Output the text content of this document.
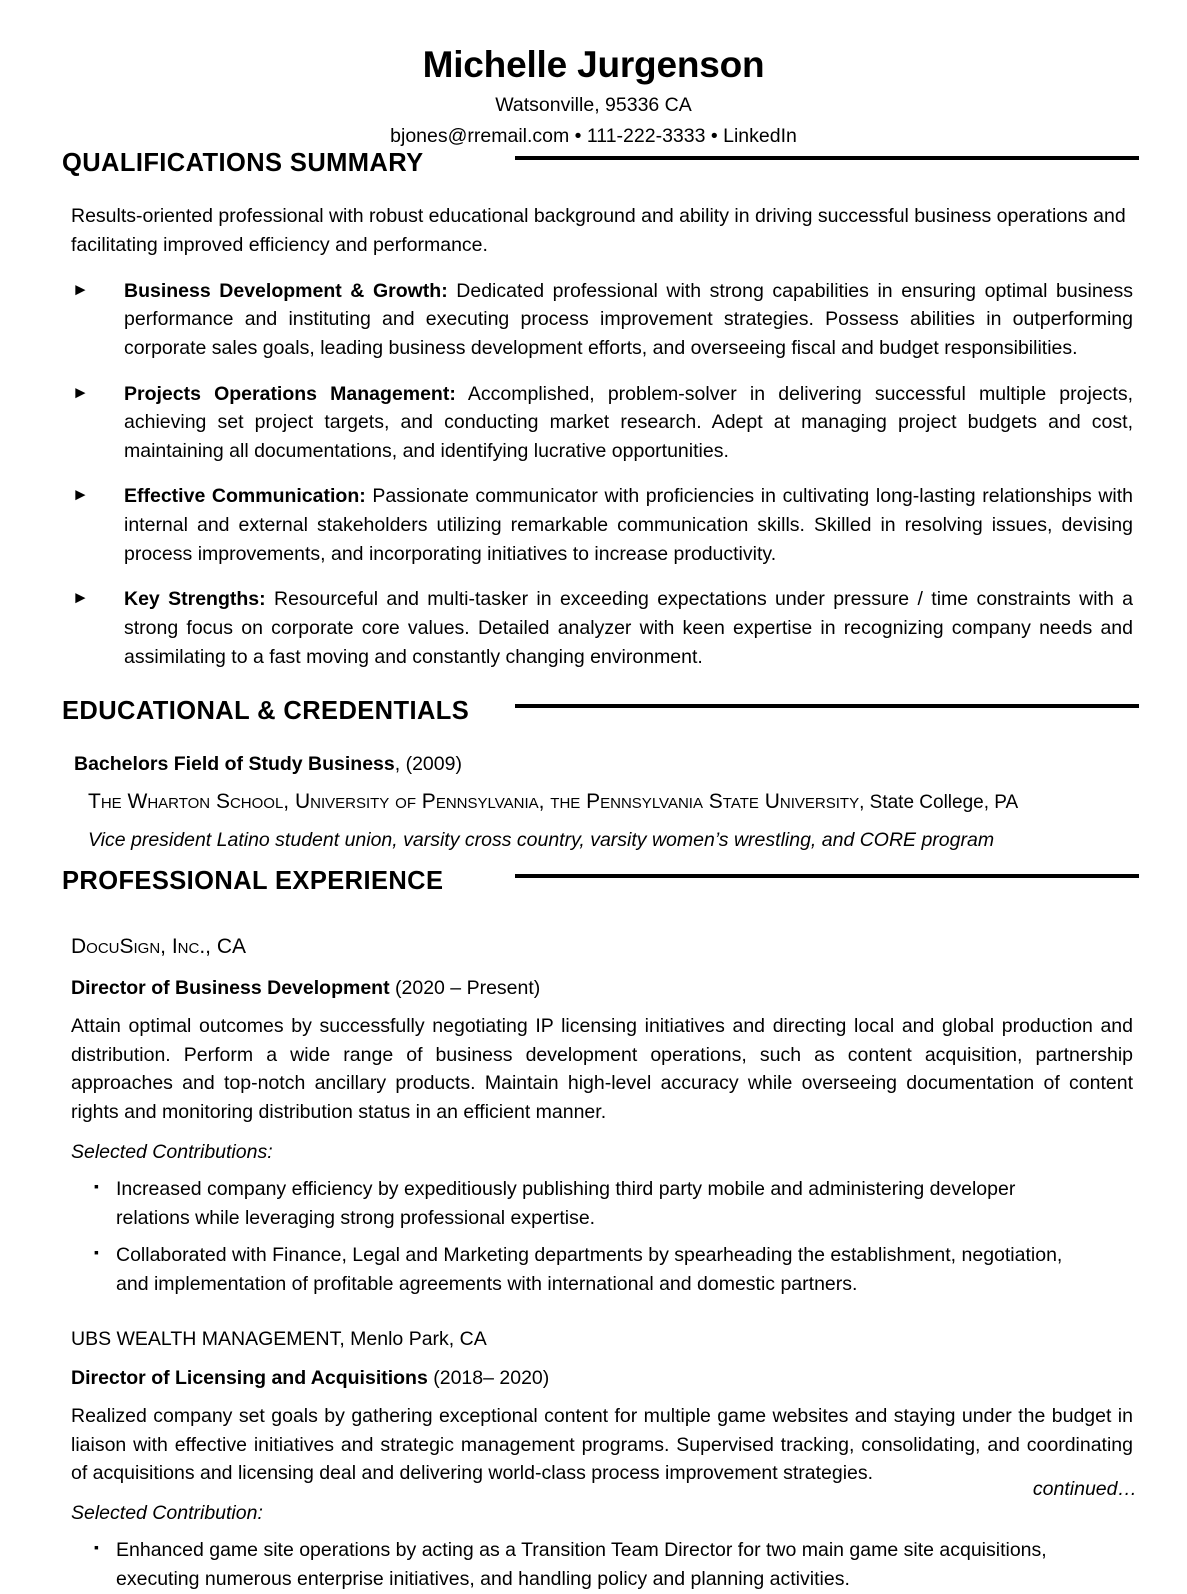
Michelle Jurgenson
Watsonville, 95336 CA
bjones@rremail.com • 111-222-3333 • LinkedIn
QUALIFICATIONS SUMMARY

Results-oriented professional with robust educational background and ability in driving successful business operations and facilitating improved efficiency and performance.

► Business Development & Growth: Dedicated professional with strong capabilities in ensuring optimal business performance and instituting and executing process improvement strategies. Possess abilities in outperforming corporate sales goals, leading business development efforts, and overseeing fiscal and budget responsibilities.

► Projects Operations Management: Accomplished, problem-solver in delivering successful multiple projects, achieving set project targets, and conducting market research. Adept at managing project budgets and cost, maintaining all documentations, and identifying lucrative opportunities.

► Effective Communication: Passionate communicator with proficiencies in cultivating long-lasting relationships with internal and external stakeholders utilizing remarkable communication skills. Skilled in resolving issues, devising process improvements, and incorporating initiatives to increase productivity.

► Key Strengths: Resourceful and multi-tasker in exceeding expectations under pressure / time constraints with a strong focus on corporate core values. Detailed analyzer with keen expertise in recognizing company needs and assimilating to a fast moving and constantly changing environment.

EDUCATIONAL & CREDENTIALS

Bachelors Field of Study Business, (2009)

The Wharton School, University of Pennsylvania, the Pennsylvania State University, State College, PA

Vice president Latino student union, varsity cross country, varsity women’s wrestling, and CORE program

PROFESSIONAL EXPERIENCE

DocuSign, Inc., CA

Director of Business Development (2020 – Present)

Attain optimal outcomes by successfully negotiating IP licensing initiatives and directing local and global production and distribution. Perform a wide range of business development operations, such as content acquisition, partnership approaches and top-notch ancillary products. Maintain high-level accuracy while overseeing documentation of content rights and monitoring distribution status in an efficient manner.

Selected Contributions:

▪ Increased company efficiency by expeditiously publishing third party mobile and administering developer relations while leveraging strong professional expertise.

▪ Collaborated with Finance, Legal and Marketing departments by spearheading the establishment, negotiation, and implementation of profitable agreements with international and domestic partners.

UBS WEALTH MANAGEMENT, Menlo Park, CA

Director of Licensing and Acquisitions (2018– 2020)

Realized company set goals by gathering exceptional content for multiple game websites and staying under the budget in liaison with effective initiatives and strategic management programs. Supervised tracking, consolidating, and coordinating of acquisitions and licensing deal and delivering world-class process improvement strategies.

Selected Contribution:

▪ Enhanced game site operations by acting as a Transition Team Director for two main game site acquisitions, executing numerous enterprise initiatives, and handling policy and planning activities.

continued…
